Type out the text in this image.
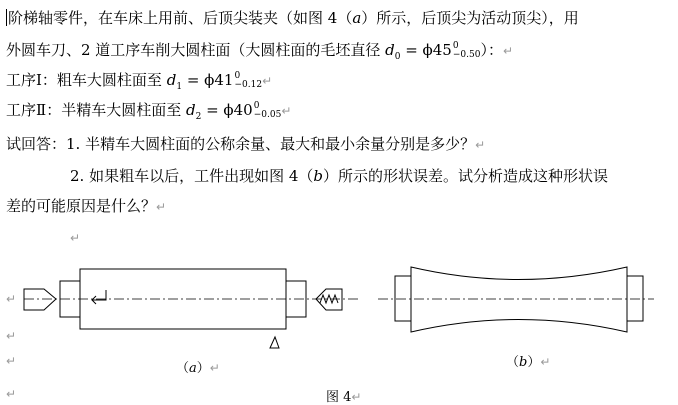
阶梯轴零件，在车床上用前、后顶尖装夹（如图 4（a）所示，后顶尖为活动顶尖），用
外圆车刀、2 道工序车削大圆柱面（大圆柱面的毛坯直径 $d_0 = \phi 45$ 0
−0.50 ）：↵
工序Ⅰ：粗车大圆柱面至 $d_1 = \phi 41$ 0
−0.12 ↵
工序Ⅱ：半精车大圆柱面至 $d_2 = \phi 40$ 0
−0.05 ↵
试回答：1. 半精车大圆柱面的公称余量、最大和最小余量分别是多少？↵
2. 如果粗车以后，工件出现如图 4（b）所示的形状误差。试分析造成这种形状误
差的可能原因是什么？↵
↵
↵
↵
↵
↵
（a）↵	（b）↵
图 4↵
